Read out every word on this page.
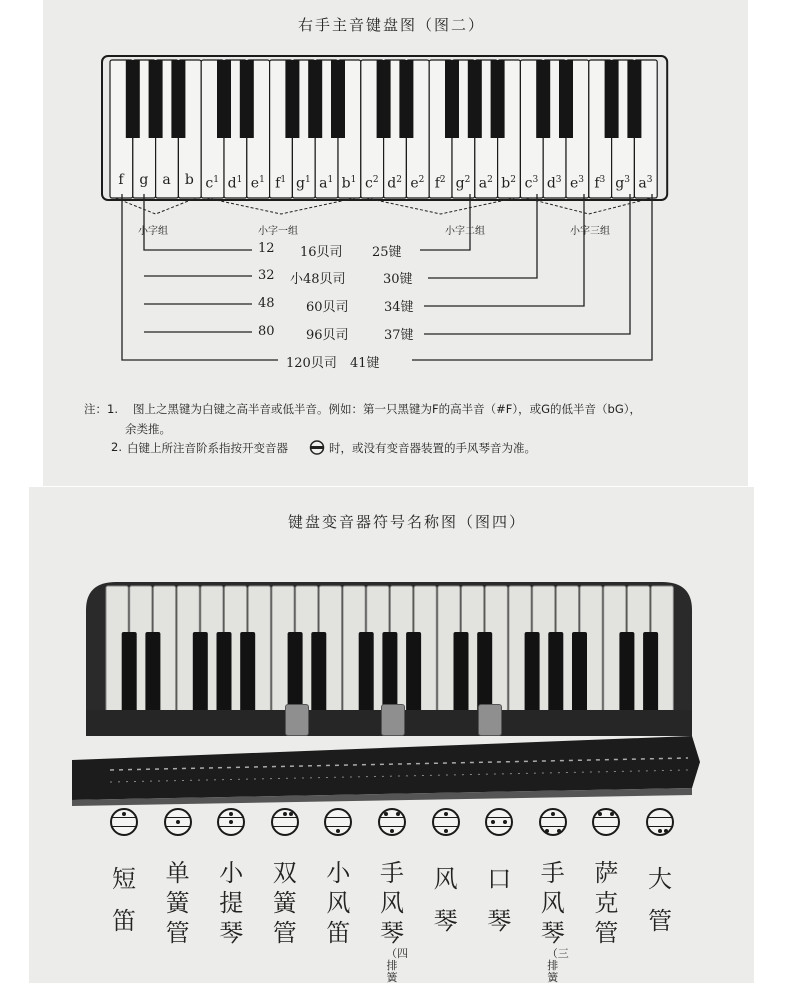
右手主音键盘图（图二）
f	g	a	b $c^1$ $d^1$ $e^1$ $f^1$ $g^1$ $a^1$ $b^1$ $c^2$ $d^2$ $e^2$ $f^2$ $g^2$ $a^2$ $b^2$ $c^3$ $d^3$ $e^3$ $f^3$ $g^3$ $a^3$
小字组	小字一组	小字二组	小字三组
12 16贝司 25键
32 小48贝司	30键
48 60贝司	34键
80 96贝司	37键
120贝司 41键
注：1. 图上之黑键为白键之高半音或低半音。例如：第一只黑键为F的高半音（#F），或G的低半音（bG），
余类推。
2. 白键上所注音阶系指按开变音器	时，或没有变音器装置的手风琴音为准。
键盘变音器符号名称图（图四）
短笛
单簧管
小提琴
双簧管
小风笛
手风琴
（四排簧
风琴
口琴
手风琴
（三排簧
萨克管
大管
